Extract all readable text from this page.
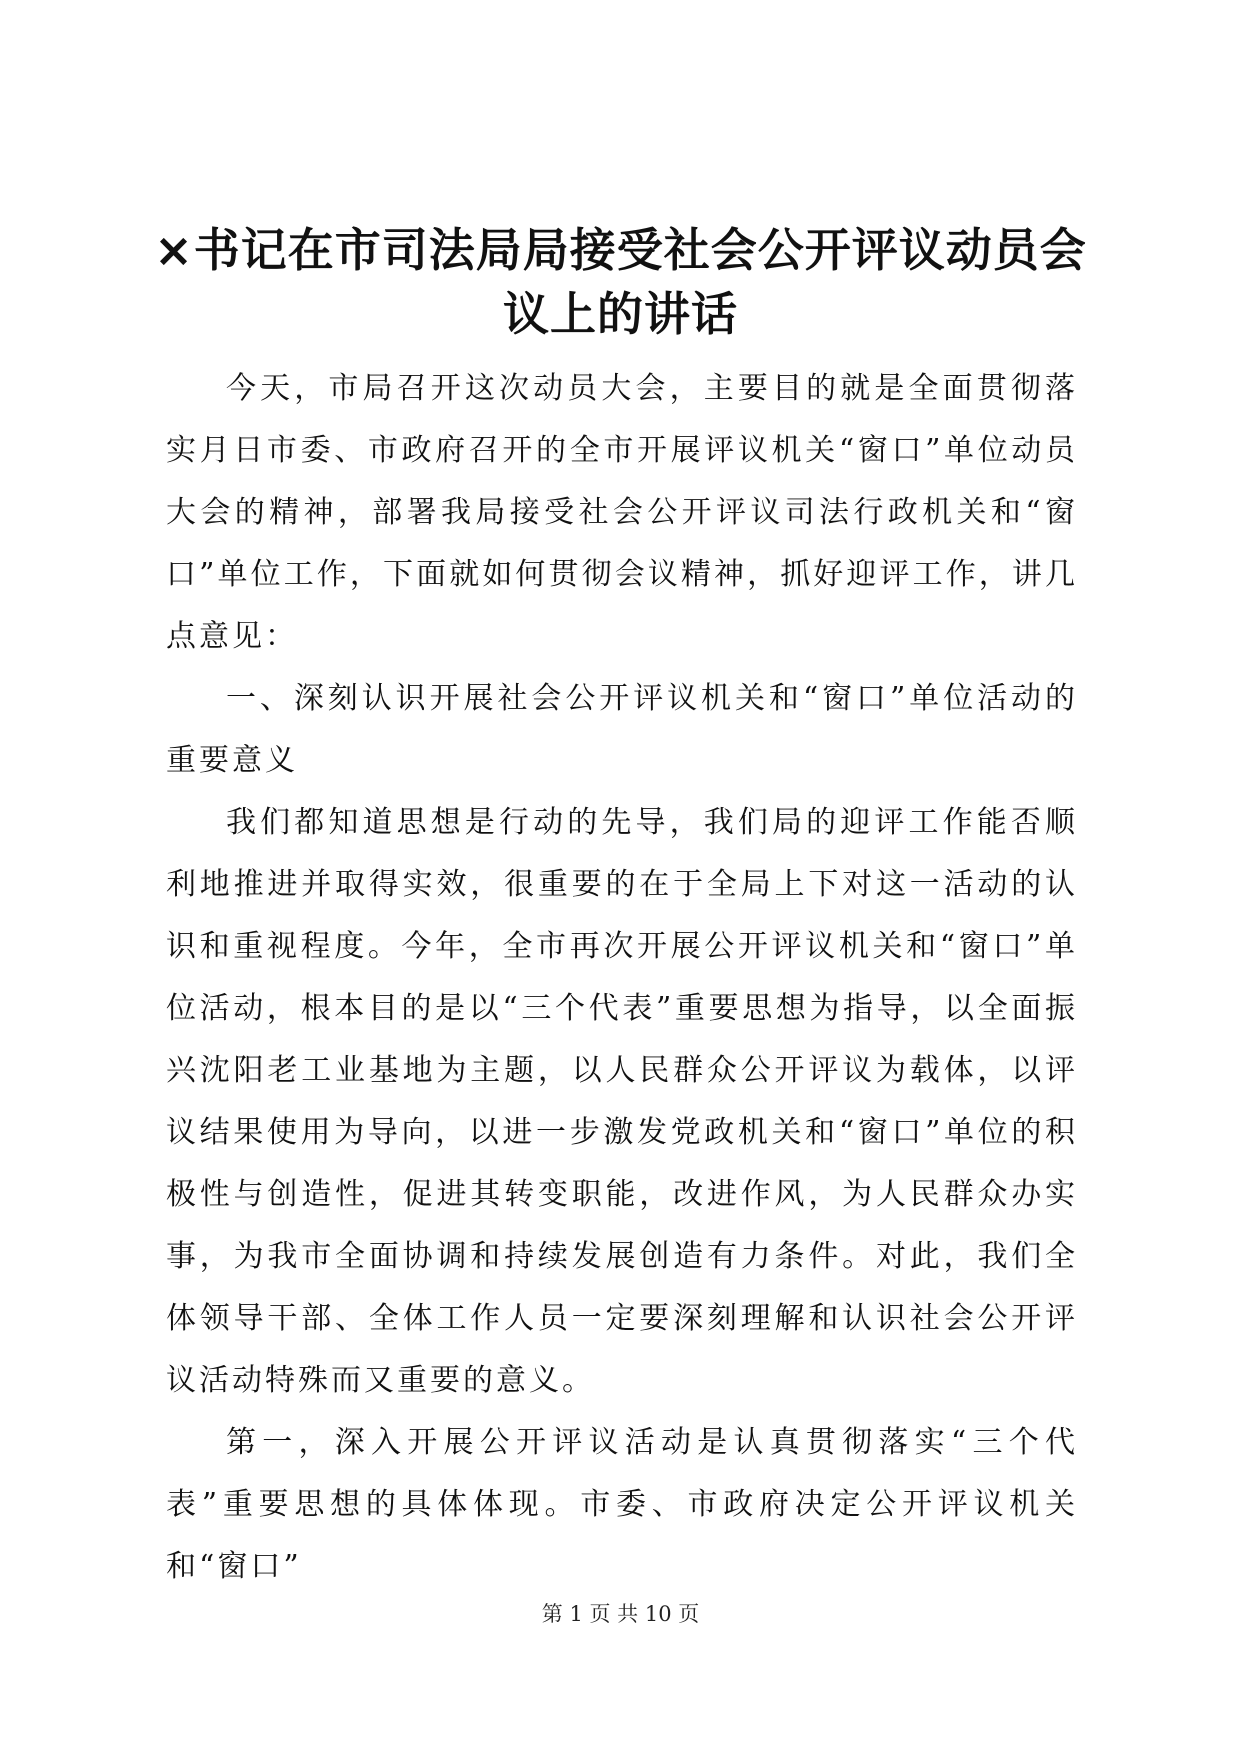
×书记在市司法局局接受社会公开评议动员会议上的讲话

今天，市局召开这次动员大会，主要目的就是全面贯彻落实月日市委、市政府召开的全市开展评议机关“窗口”单位动员大会的精神，部署我局接受社会公开评议司法行政机关和“窗口”单位工作，下面就如何贯彻会议精神，抓好迎评工作，讲几点意见：

一、深刻认识开展社会公开评议机关和“窗口”单位活动的重要意义

我们都知道思想是行动的先导，我们局的迎评工作能否顺利地推进并取得实效，很重要的在于全局上下对这一活动的认识和重视程度。今年，全市再次开展公开评议机关和“窗口”单位活动，根本目的是以“三个代表”重要思想为指导，以全面振兴沈阳老工业基地为主题，以人民群众公开评议为载体，以评议结果使用为导向，以进一步激发党政机关和“窗口”单位的积极性与创造性，促进其转变职能，改进作风，为人民群众办实事，为我市全面协调和持续发展创造有力条件。对此，我们全体领导干部、全体工作人员一定要深刻理解和认识社会公开评议活动特殊而又重要的意义。

第一，深入开展公开评议活动是认真贯彻落实“三个代表”重要思想的具体体现。市委、市政府决定公开评议机关和“窗口”

第 1 页 共 10 页
